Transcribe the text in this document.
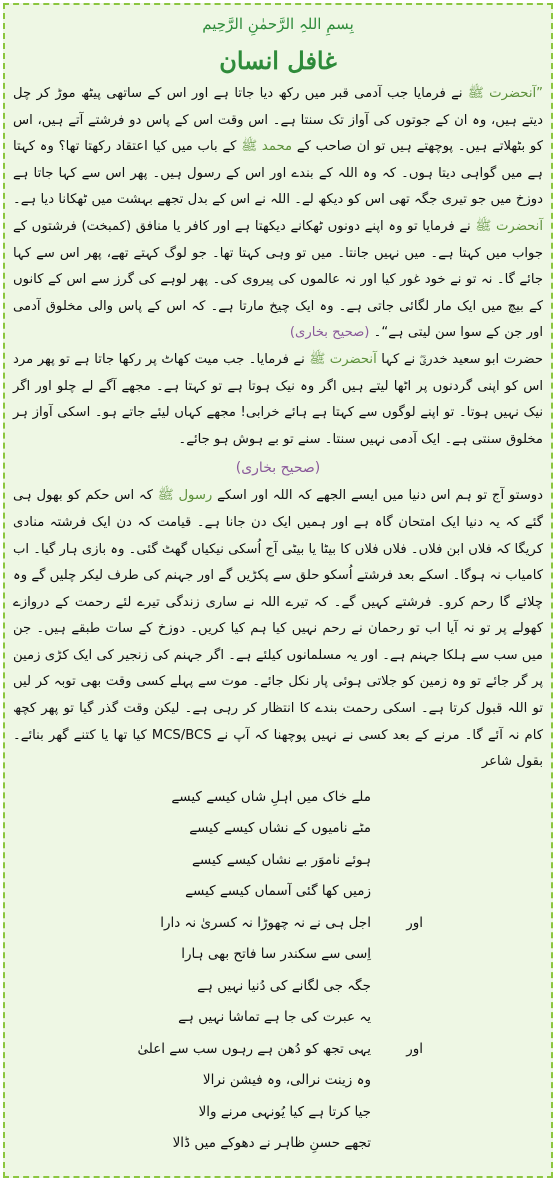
بِسمِ اللہِ الرَّحمٰنِ الرَّحِیم
غافل انسان

”آنحضرت ﷺ نے فرمایا جب آدمی قبر میں رکھ دیا جاتا ہے اور اس کے ساتھی پیٹھ موڑ کر چل دیتے ہیں، وہ ان کے جوتوں کی آواز تک سنتا ہے۔ اس وقت اس کے پاس دو فرشتے آتے ہیں، اس کو بٹھلاتے ہیں۔ پوچھتے ہیں تو ان صاحب کے محمد ﷺ کے باب میں کیا اعتقاد رکھتا تھا؟ وہ کہتا ہے میں گواہی دیتا ہوں۔ کہ وہ اللہ کے بندے اور اس کے رسول ہیں۔ پھر اس سے کہا جاتا ہے دوزخ میں جو تیری جگہ تھی اس کو دیکھ لے۔ اللہ نے اس کے بدل تجھے بہشت میں ٹھکانا دیا ہے۔ آنحضرت ﷺ نے فرمایا تو وہ اپنے دونوں ٹھکانے دیکھتا ہے اور کافر یا منافق (کمبخت) فرشتوں کے جواب میں کہتا ہے۔ میں نہیں جانتا۔ میں تو وہی کہتا تھا۔ جو لوگ کہتے تھے، پھر اس سے کہا جائے گا۔ نہ تو نے خود غور کیا اور نہ عالموں کی پیروی کی۔ پھر لوہے کی گرز سے اس کے کانوں کے بیچ میں ایک مار لگائی جاتی ہے۔ وہ ایک چیخ مارتا ہے۔ کہ اس کے پاس والی مخلوق آدمی اور جن کے سوا سن لیتی ہے“۔ (صحیح بخاری)

حضرت ابو سعید خدریؓ نے کہا آنحضرت ﷺ نے فرمایا۔ جب میت کھاٹ پر رکھا جاتا ہے تو پھر مرد اس کو اپنی گردنوں پر اٹھا لیتے ہیں اگر وہ نیک ہوتا ہے تو کہتا ہے۔ مجھے آگے لے چلو اور اگر نیک نہیں ہوتا۔ تو اپنے لوگوں سے کہتا ہے ہائے خرابی! مجھے کہاں لیئے جاتے ہو۔ اسکی آواز ہر مخلوق سنتی ہے۔ ایک آدمی نہیں سنتا۔ سنے تو بے ہوش ہو جائے۔

(صحیح بخاری)

دوستو آج تو ہم اس دنیا میں ایسے الجھے کہ اللہ اور اسکے رسول ﷺ کہ اس حکم کو بھول ہی گئے کہ یہ دنیا ایک امتحان گاہ ہے اور ہمیں ایک دن جانا ہے۔ قیامت کہ دن ایک فرشتہ منادی کریگا کہ فلاں ابن فلاں۔ فلاں فلاں کا بیٹا یا بیٹی آج اُسکی نیکیاں گھٹ گئی۔ وہ بازی ہار گیا۔ اب کامیاب نہ ہوگا۔ اسکے بعد فرشتے اُسکو حلق سے پکڑیں گے اور جہنم کی طرف لیکر چلیں گے وہ چلائے گا رحم کرو۔ فرشتے کہیں گے۔ کہ تیرے اللہ نے ساری زندگی تیرے لئے رحمت کے دروازے کھولے پر تو نہ آیا اب تو رحمان نے رحم نہیں کیا ہم کیا کریں۔ دوزخ کے سات طبقے ہیں۔ جن میں سب سے ہلکا جہنم ہے۔ اور یہ مسلمانوں کیلئے ہے۔ اگر جہنم کی زنجیر کی ایک کڑی زمین پر گر جائے تو وہ زمین کو جلاتی ہوئی پار نکل جائے۔ موت سے پہلے کسی وقت بھی توبہ کر لیں تو اللہ قبول کرتا ہے۔ اسکی رحمت بندے کا انتظار کر رہی ہے۔ لیکن وقت گذر گیا تو پھر کچھ کام نہ آئے گا۔ مرنے کے بعد کسی نے نہیں پوچھنا کہ آپ نے MCS/BCS کیا تھا یا کتنے گھر بنائے۔ بقول شاعر

ملے خاک میں اہلِ شاں کیسے کیسے
مٹے نامیوں کے نشاں کیسے کیسے
ہوئے ناموَر بے نشاں کیسے کیسے
زمیں کھا گئی آسماں کیسے کیسے
اجل ہی نے نہ چھوڑا نہ کسریٰ نہ دارا	اور
اِسی سے سکندر سا فاتح بھی ہارا
جگہ جی لگانے کی دُنیا نہیں ہے
یہ عبرت کی جا ہے تماشا نہیں ہے
یہی تجھ کو دُھن ہے رہوں سب سے اعلیٰ	اور
وہ زینت نرالی، وہ فیشن نرالا
جیا کرتا ہے کیا یُونہی مرنے والا
تجھے حسنِ ظاہر نے دھوکے میں ڈالا
